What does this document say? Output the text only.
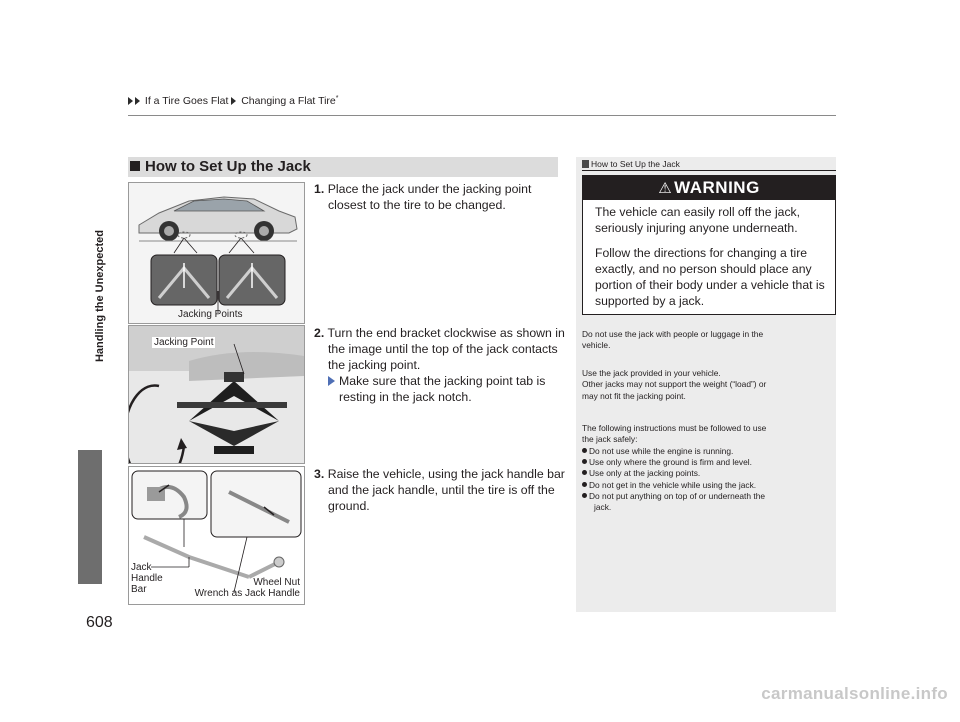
If a Tire Goes Flat Changing a Flat Tire*
Handling the Unexpected
608
How to Set Up the Jack
Jacking Points
Jacking Point
Jack
Handle
Bar
Wheel Nut
Wrench as Jack Handle
1. Place the jack under the jacking point
closest to the tire to be changed.
2. Turn the end bracket clockwise as shown in
the image until the top of the jack contacts
the jacking point.
Make sure that the jacking point tab is
resting in the jack notch.
3. Raise the vehicle, using the jack handle bar
and the jack handle, until the tire is off the
ground.
How to Set Up the Jack
⚠ WARNING
The vehicle can easily roll off the jack,
seriously injuring anyone underneath.
Follow the directions for changing a tire
exactly, and no person should place any
portion of their body under a vehicle that is
supported by a jack.
Do not use the jack with people or luggage in the
vehicle.
Use the jack provided in your vehicle.
Other jacks may not support the weight (“load”) or
may not fit the jacking point.
The following instructions must be followed to use
the jack safely:
Do not use while the engine is running.
Use only where the ground is firm and level.
Use only at the jacking points.
Do not get in the vehicle while using the jack.
Do not put anything on top of or underneath the
jack.
carmanualsonline.info
